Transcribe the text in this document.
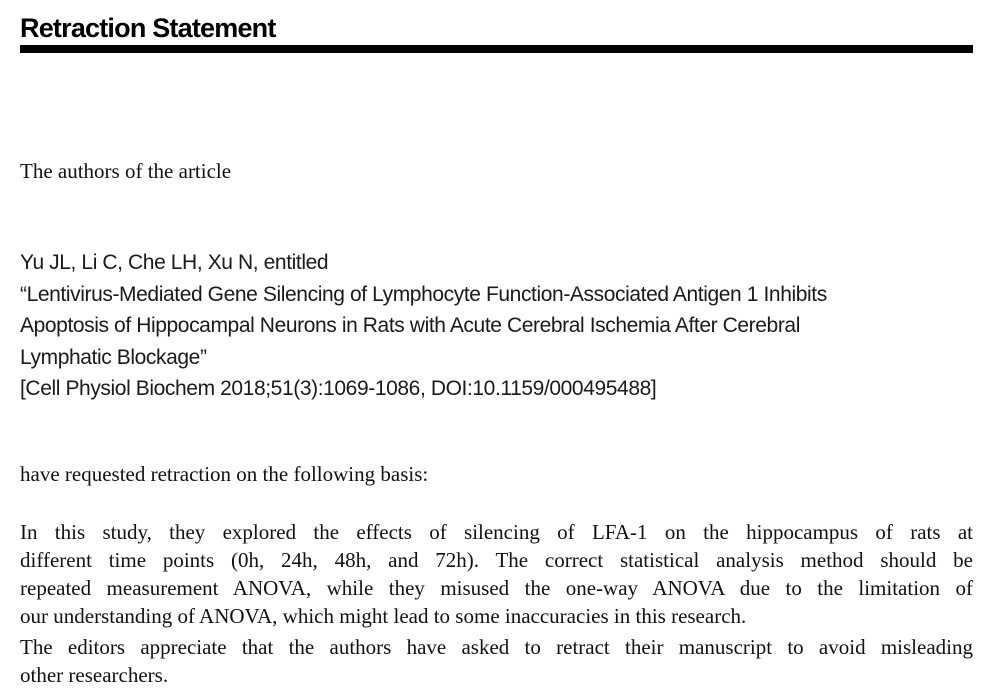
Retraction Statement

The authors of the article

Yu JL, Li C, Che LH, Xu N, entitled
“Lentivirus-Mediated Gene Silencing of Lymphocyte Function-Associated Antigen 1 Inhibits
Apoptosis of Hippocampal Neurons in Rats with Acute Cerebral Ischemia After Cerebral
Lymphatic Blockage”
[Cell Physiol Biochem 2018;51(3):1069-1086, DOI:10.1159/000495488]

have requested retraction on the following basis:

In this study, they explored the effects of silencing of LFA-1 on the hippocampus of rats at
different time points (0h, 24h, 48h, and 72h). The correct statistical analysis method should be
repeated measurement ANOVA, while they misused the one-way ANOVA due to the limitation of
our understanding of ANOVA, which might lead to some inaccuracies in this research.
The editors appreciate that the authors have asked to retract their manuscript to avoid misleading
other researchers.
